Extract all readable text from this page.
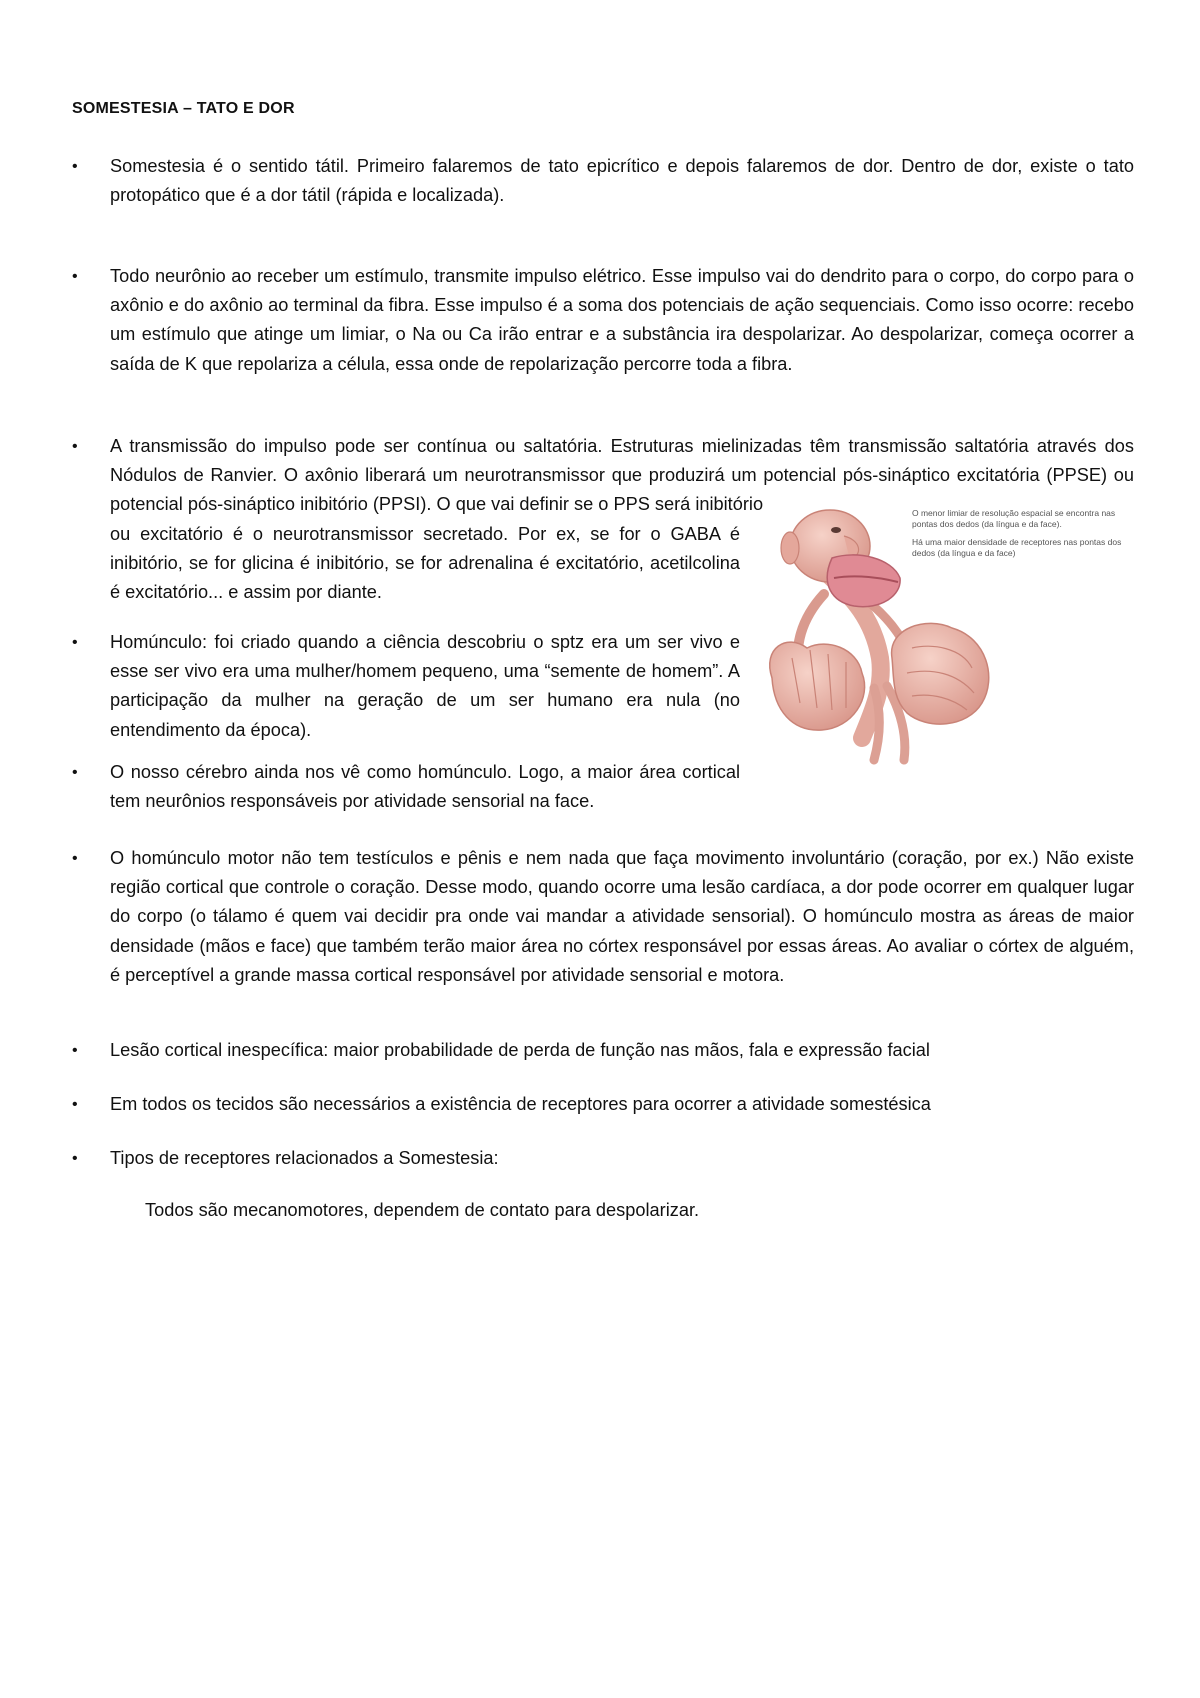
SOMESTESIA – TATO E DOR
•	Somestesia é o sentido tátil. Primeiro falaremos de tato epicrítico e depois falaremos de dor. Dentro de dor, existe o tato protopático que é a dor tátil (rápida e localizada).
•	Todo neurônio ao receber um estímulo, transmite impulso elétrico. Esse impulso vai do dendrito para o corpo, do corpo para o axônio e do axônio ao terminal da fibra. Esse impulso é a soma dos potenciais de ação sequenciais. Como isso ocorre: recebo um estímulo que atinge um limiar, o Na ou Ca irão entrar e a substância ira despolarizar. Ao despolarizar, começa ocorrer a saída de K que repolariza a célula, essa onde de repolarização percorre toda a fibra.
•	A transmissão do impulso pode ser contínua ou saltatória. Estruturas mielinizadas têm transmissão saltatória através dos Nódulos de Ranvier. O axônio liberará um neurotransmissor que produzirá um potencial pós-sináptico excitatória (PPSE) ou potencial pós-sináptico inibitório (PPSI). O que vai definir se o PPS será inibitório
ou excitatório é o neurotransmissor secretado. Por ex, se for o GABA é inibitório, se for glicina é inibitório, se for adrenalina é excitatório, acetilcolina é excitatório... e assim por diante.
•	Homúnculo: foi criado quando a ciência descobriu o sptz era um ser vivo e esse ser vivo era uma mulher/homem pequeno, uma “semente de homem”. A participação da mulher na geração de um ser humano era nula (no entendimento da época).
•	O nosso cérebro ainda nos vê como homúnculo. Logo, a maior área cortical tem neurônios responsáveis por atividade sensorial na face.
•	O homúnculo motor não tem testículos e pênis e nem nada que faça movimento involuntário (coração, por ex.) Não existe região cortical que controle o coração. Desse modo, quando ocorre uma lesão cardíaca, a dor pode ocorrer em qualquer lugar do corpo (o tálamo é quem vai decidir pra onde vai mandar a atividade sensorial). O homúnculo mostra as áreas de maior densidade (mãos e face) que também terão maior área no córtex responsável por essas áreas. Ao avaliar o córtex de alguém, é perceptível a grande massa cortical responsável por atividade sensorial e motora.
•	Lesão cortical inespecífica: maior probabilidade de perda de função nas mãos, fala e expressão facial
•	Em todos os tecidos são necessários a existência de receptores para ocorrer a atividade somestésica
•	Tipos de receptores relacionados a Somestesia:
Todos são mecanomotores, dependem de contato para despolarizar.
O menor limiar de resolução espacial se encontra nas pontas dos dedos (da língua e da face).
Há uma maior densidade de receptores nas pontas dos dedos (da língua e da face)
